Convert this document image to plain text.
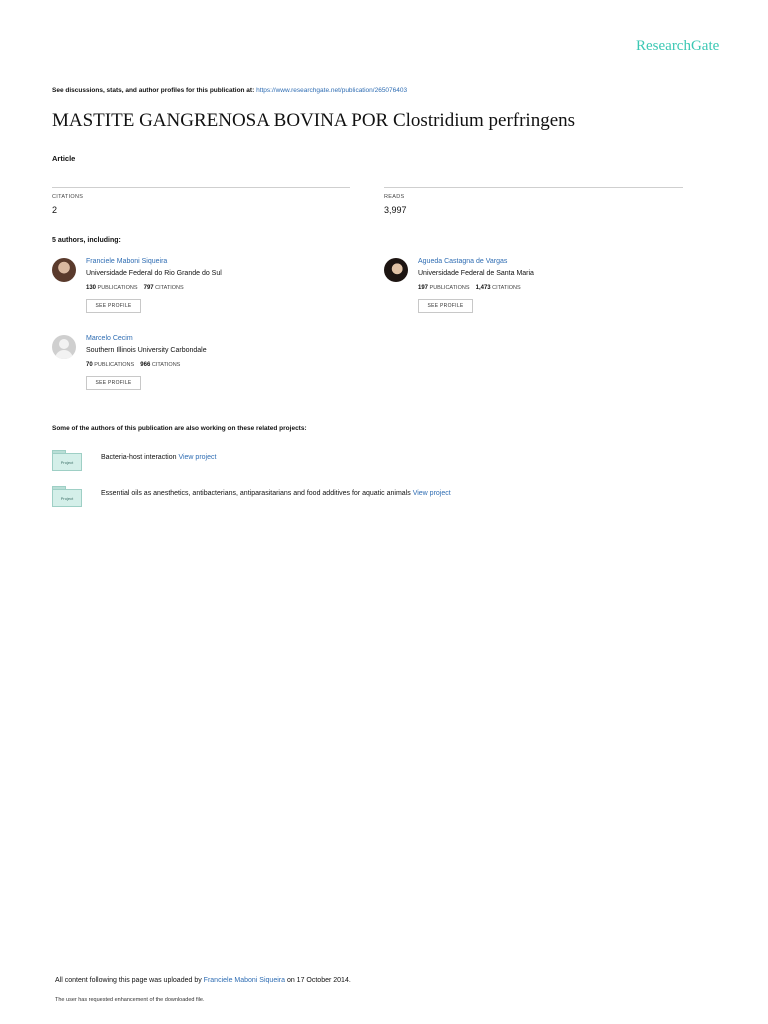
ResearchGate
See discussions, stats, and author profiles for this publication at: https://www.researchgate.net/publication/265076403
MASTITE GANGRENOSA BOVINA POR Clostridium perfringens
Article
CITATIONS
2
READS
3,997
5 authors, including:
Franciele Maboni Siqueira
Universidade Federal do Rio Grande do Sul
130 PUBLICATIONS 797 CITATIONS
SEE PROFILE
Agueda Castagna de Vargas
Universidade Federal de Santa Maria
197 PUBLICATIONS 1,473 CITATIONS
SEE PROFILE
Marcelo Cecim
Southern Illinois University Carbondale
70 PUBLICATIONS 966 CITATIONS
SEE PROFILE
Some of the authors of this publication are also working on these related projects:
Project
Bacteria-host interaction View project
Project
Essential oils as anesthetics, antibacterians, antiparasitarians and food additives for aquatic animals View project
All content following this page was uploaded by Franciele Maboni Siqueira on 17 October 2014.
The user has requested enhancement of the downloaded file.
